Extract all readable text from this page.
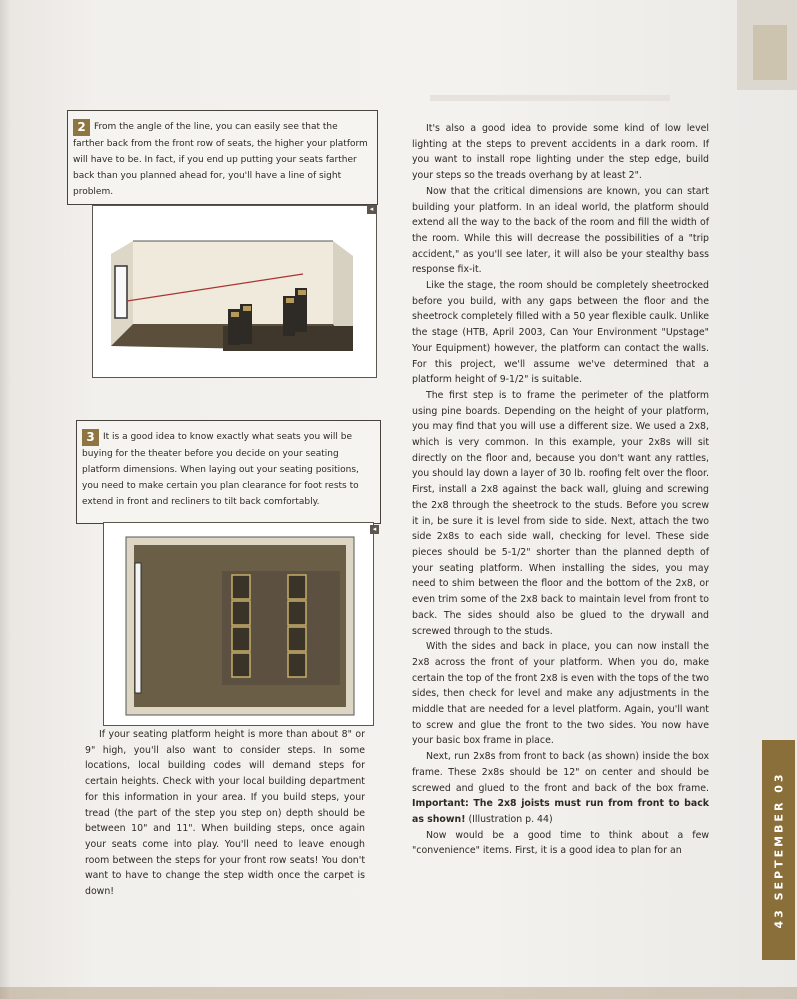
2 From the angle of the line, you can easily see that the farther back from the front row of seats, the higher your platform will have to be. In fact, if you end up putting your seats farther back than you planned ahead for, you'll have a line of sight problem.
◂
3 It is a good idea to know exactly what seats you will be buying for the theater before you decide on your seating platform dimensions. When laying out your seating positions, you need to make certain you plan clearance for foot rests to extend in front and recliners to tilt back comfortably.
◂

If your seating platform height is more than about 8" or 9" high, you'll also want to consider steps. In some locations, local building codes will demand steps for certain heights. Check with your local building department for this information in your area. If you build steps, your tread (the part of the step you step on) depth should be between 10" and 11". When building steps, once again your seats come into play. You'll need to leave enough room between the steps for your front row seats! You don't want to have to change the step width once the carpet is down!

It's also a good idea to provide some kind of low level lighting at the steps to prevent accidents in a dark room. If you want to install rope lighting under the step edge, build your steps so the treads overhang by at least 2".

Now that the critical dimensions are known, you can start building your platform. In an ideal world, the platform should extend all the way to the back of the room and fill the width of the room. While this will decrease the possibilities of a "trip accident," as you'll see later, it will also be your stealthy bass response fix-it.

Like the stage, the room should be completely sheetrocked before you build, with any gaps between the floor and the sheetrock completely filled with a 50 year flexible caulk. Unlike the stage (HTB, April 2003, Can Your Environment "Upstage" Your Equipment) however, the platform can contact the walls. For this project, we'll assume we've determined that a platform height of 9-1/2" is suitable.

The first step is to frame the perimeter of the platform using pine boards. Depending on the height of your platform, you may find that you will use a different size. We used a 2x8, which is very common. In this example, your 2x8s will sit directly on the floor and, because you don't want any rattles, you should lay down a layer of 30 lb. roofing felt over the floor. First, install a 2x8 against the back wall, gluing and screwing the 2x8 through the sheetrock to the studs. Before you screw it in, be sure it is level from side to side. Next, attach the two side 2x8s to each side wall, checking for level. These side pieces should be 5-1/2" shorter than the planned depth of your seating platform. When installing the sides, you may need to shim between the floor and the bottom of the 2x8, or even trim some of the 2x8 back to maintain level from front to back. The sides should also be glued to the drywall and screwed through to the studs.

With the sides and back in place, you can now install the 2x8 across the front of your platform. When you do, make certain the top of the front 2x8 is even with the tops of the two sides, then check for level and make any adjustments in the middle that are needed for a level platform. Again, you'll want to screw and glue the front to the two sides. You now have your basic box frame in place.

Next, run 2x8s from front to back (as shown) inside the box frame. These 2x8s should be 12" on center and should be screwed and glued to the front and back of the box frame. Important: The 2x8 joists must run from front to back as shown! (Illustration p. 44)

Now would be a good time to think about a few "convenience" items. First, it is a good idea to plan for an	43 SEPTEMBER 03
